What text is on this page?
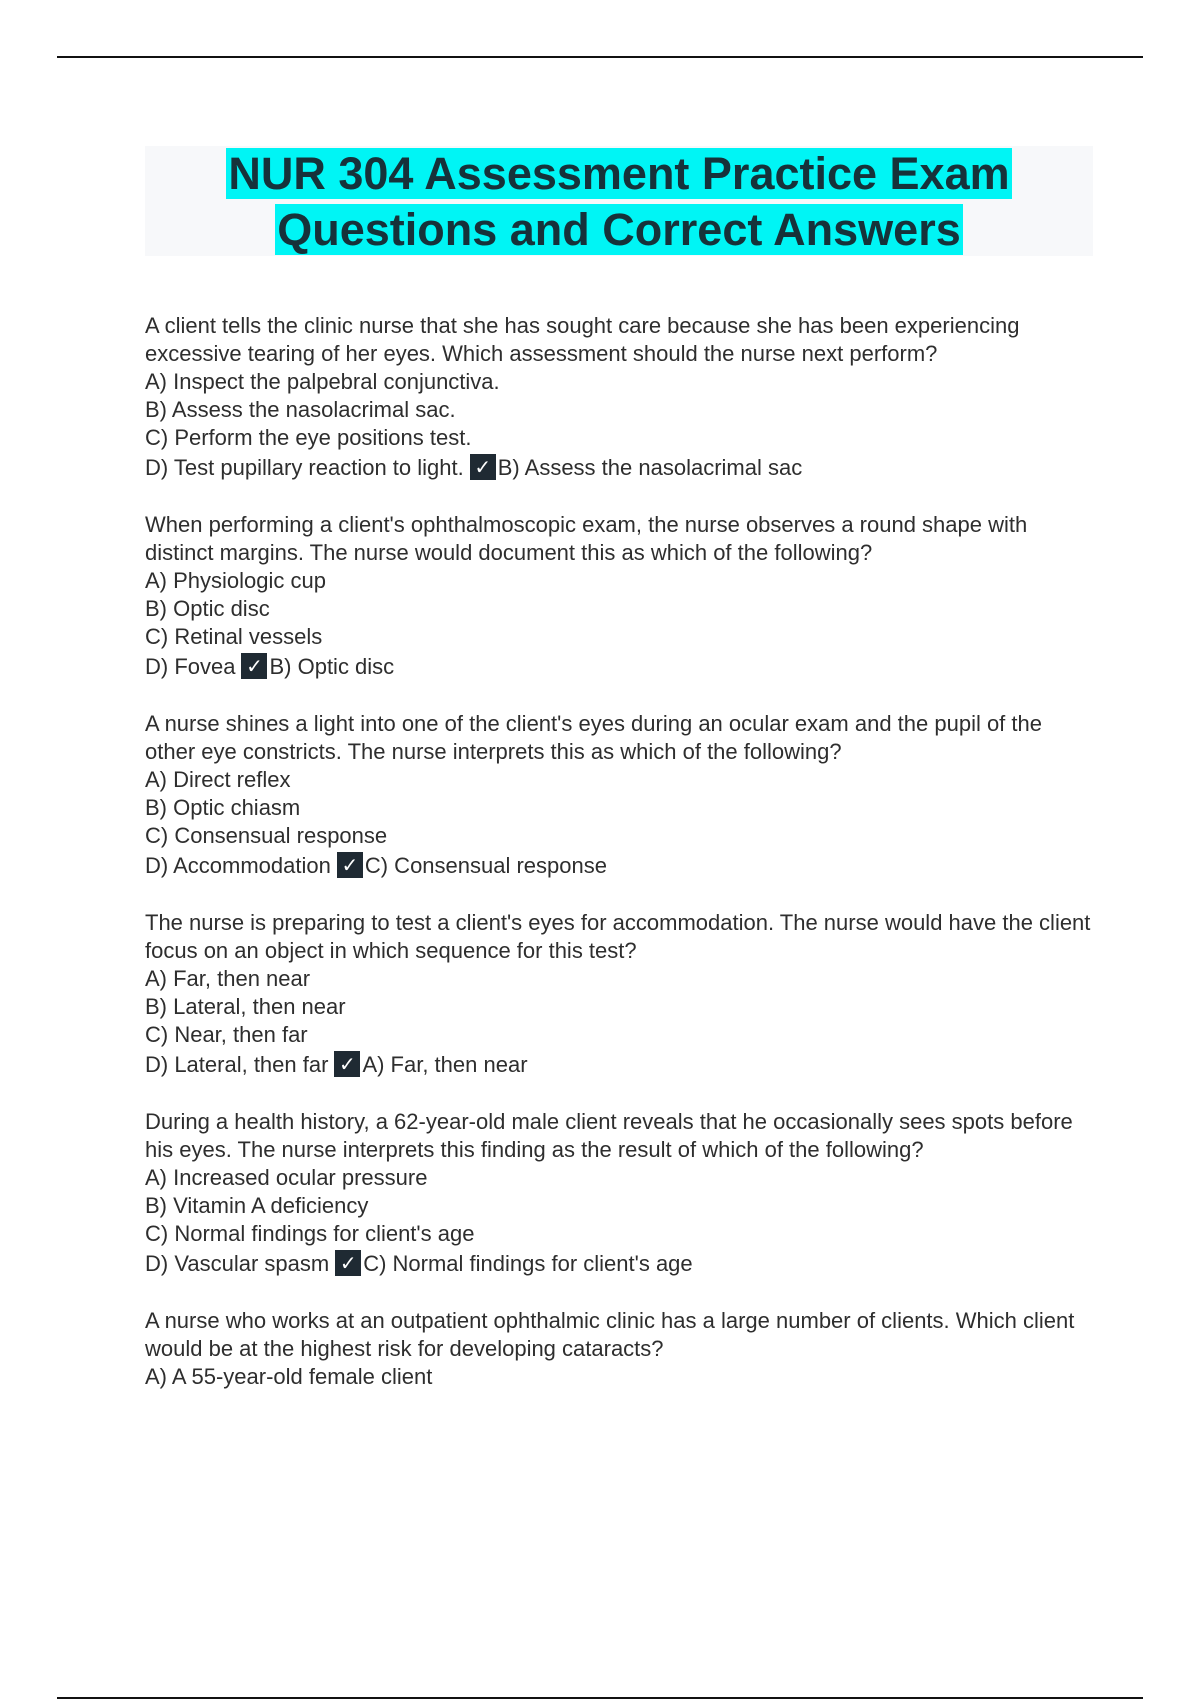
NUR 304 Assessment Practice Exam
Questions and Correct Answers

A client tells the clinic nurse that she has sought care because she has been experiencing excessive tearing of her eyes. Which assessment should the nurse next perform?

A) Inspect the palpebral conjunctiva.

B) Assess the nasolacrimal sac.

C) Perform the eye positions test.

D) Test pupillary reaction to light. ✓ B) Assess the nasolacrimal sac

When performing a client's ophthalmoscopic exam, the nurse observes a round shape with distinct margins. The nurse would document this as which of the following?

A) Physiologic cup

B) Optic disc

C) Retinal vessels

D) Fovea ✓ B) Optic disc

A nurse shines a light into one of the client's eyes during an ocular exam and the pupil of the other eye constricts. The nurse interprets this as which of the following?

A) Direct reflex

B) Optic chiasm

C) Consensual response

D) Accommodation ✓ C) Consensual response

The nurse is preparing to test a client's eyes for accommodation. The nurse would have the client focus on an object in which sequence for this test?

A) Far, then near

B) Lateral, then near

C) Near, then far

D) Lateral, then far ✓ A) Far, then near

During a health history, a 62-year-old male client reveals that he occasionally sees spots before his eyes. The nurse interprets this finding as the result of which of the following?

A) Increased ocular pressure

B) Vitamin A deficiency

C) Normal findings for client's age

D) Vascular spasm ✓ C) Normal findings for client's age

A nurse who works at an outpatient ophthalmic clinic has a large number of clients. Which client would be at the highest risk for developing cataracts?

A) A 55-year-old female client
